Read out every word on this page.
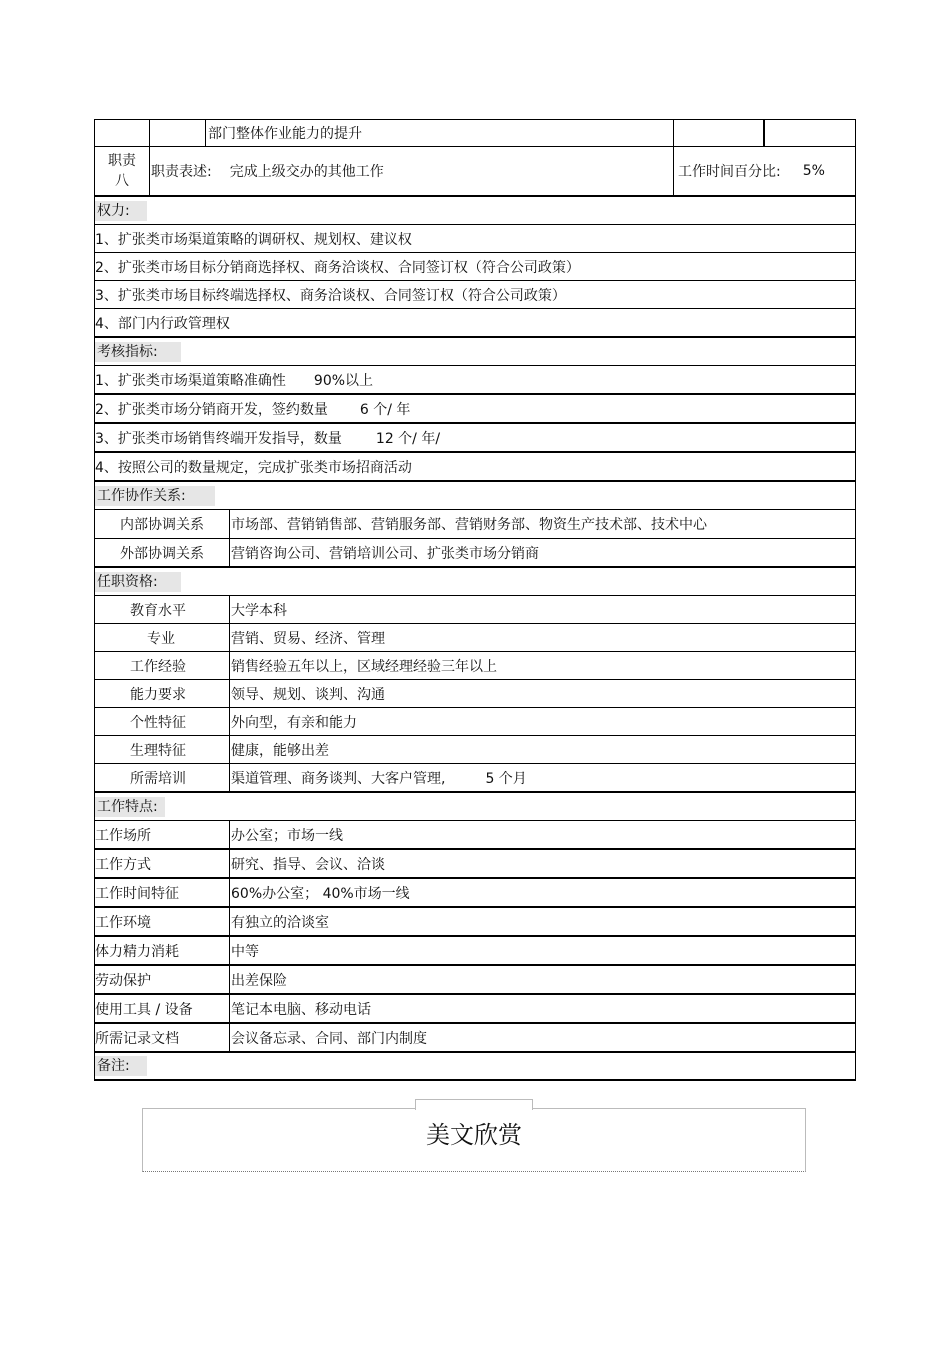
部门整体作业能力的提升
职责
八
职责表述: 完成上级交办的其他工作	工作时间百分比: 5%
权力:
1、扩张类市场渠道策略的调研权、规划权、建议权
2、扩张类市场目标分销商选择权、商务洽谈权、合同签订权（符合公司政策）
3、扩张类市场目标终端选择权、商务洽谈权、合同签订权（符合公司政策）
4、部门内行政管理权
考核指标:
1、扩张类市场渠道策略准确性 90%以上
2、扩张类市场分销商开发，签约数量 6 个/ 年
3、扩张类市场销售终端开发指导，数量 12 个/ 年/
4、按照公司的数量规定，完成扩张类市场招商活动
工作协作关系:
内部协调关系	市场部、营销销售部、营销服务部、营销财务部、物资生产技术部、技术中心
外部协调关系	营销咨询公司、营销培训公司、扩张类市场分销商
任职资格:
教育水平	大学本科
专业	营销、贸易、经济、管理
工作经验	销售经验五年以上，区域经理经验三年以上
能力要求	领导、规划、谈判、沟通
个性特征	外向型，有亲和能力
生理特征	健康，能够出差
所需培训	渠道管理、商务谈判、大客户管理,	5 个月
工作特点:
工作场所	办公室；市场一线
工作方式	研究、指导、会议、洽谈
工作时间特征	60%办公室； 40%市场一线
工作环境	有独立的洽谈室
体力精力消耗	中等
劳动保护	出差保险
使用工具 / 设备	笔记本电脑、移动电话
所需记录文档	会议备忘录、合同、部门内制度
备注:
美文欣赏
